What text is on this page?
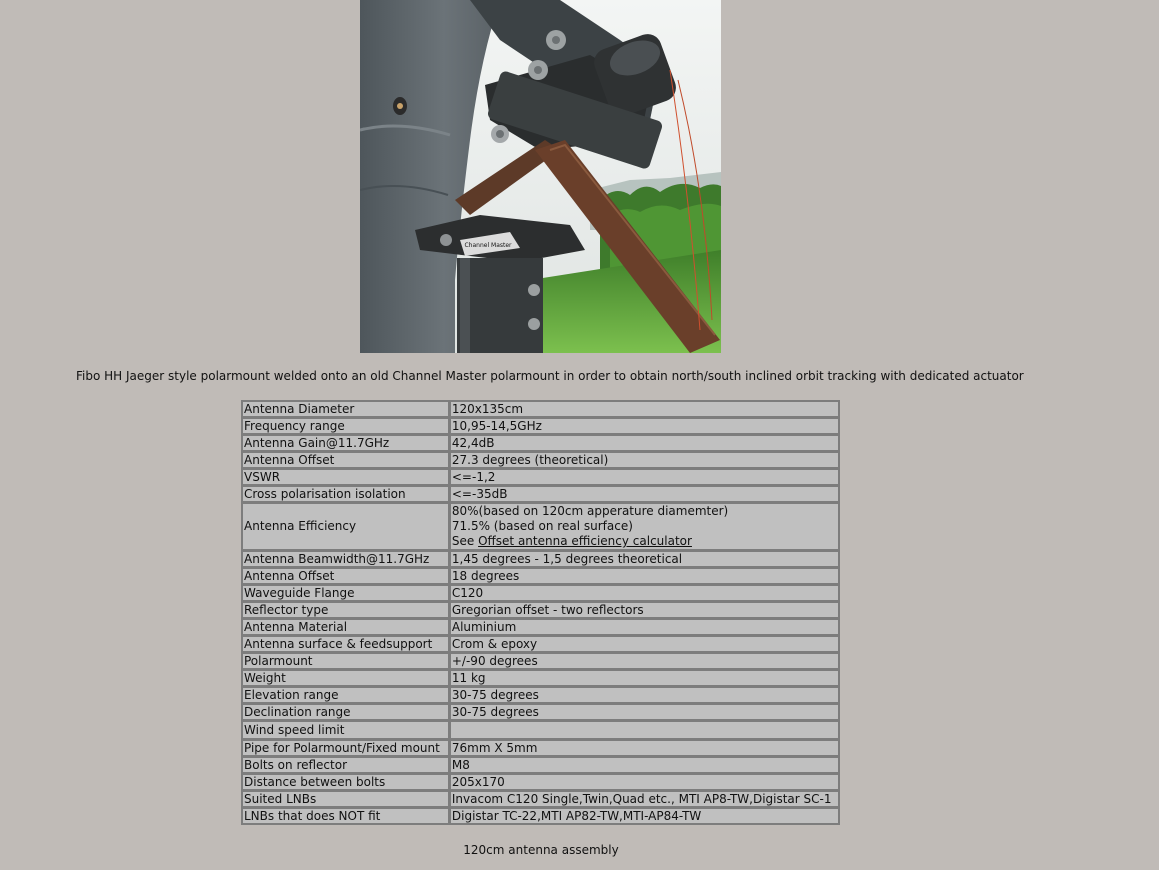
Channel Master
Fibo HH Jaeger style polarmount welded onto an old Channel Master polarmount in order to obtain north/south inclined orbit tracking with dedicated actuator
Antenna Diameter	120x135cm
Frequency range	10,95-14,5GHz
Antenna Gain@11.7GHz	42,4dB
Antenna Offset	27.3 degrees (theoretical)
VSWR	<=-1,2
Cross polarisation isolation	<=-35dB
Antenna Efficiency	80%(based on 120cm apperature diamemter)
71.5% (based on real surface)
See Offset antenna efficiency calculator

Antenna Beamwidth@11.7GHz	1,45 degrees - 1,5 degrees theoretical
Antenna Offset	18 degrees
Waveguide Flange	C120
Reflector type	Gregorian offset - two reflectors
Antenna Material	Aluminium
Antenna surface & feedsupport	Crom & epoxy
Polarmount	+/-90 degrees
Weight	11 kg
Elevation range	30-75 degrees
Declination range	30-75 degrees
Wind speed limit	
Pipe for Polarmount/Fixed mount	76mm X 5mm
Bolts on reflector	M8
Distance between bolts	205x170
Suited LNBs	Invacom C120 Single,Twin,Quad etc., MTI AP8-TW,Digistar SC-1
LNBs that does NOT fit	Digistar TC-22,MTI AP82-TW,MTI-AP84-TW
120cm antenna assembly
